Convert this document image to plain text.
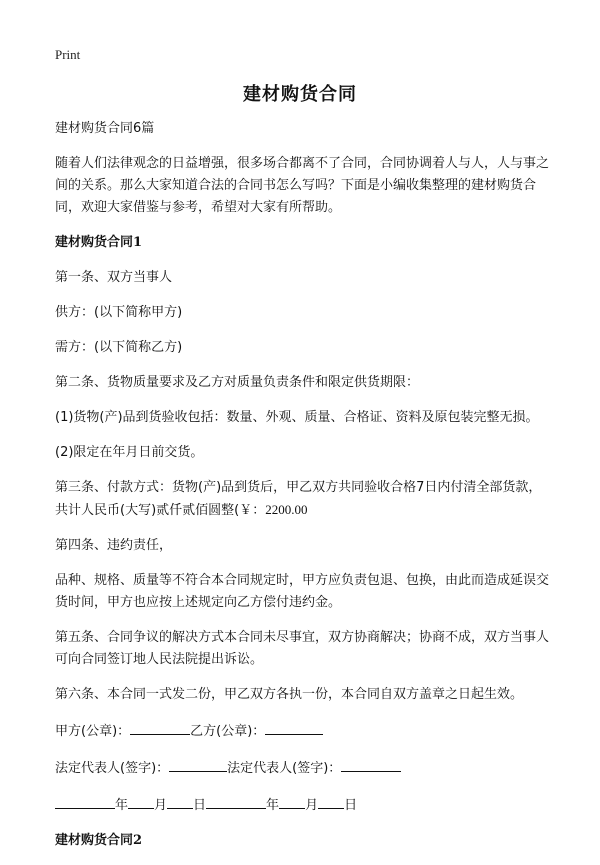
Print
建材购货合同

建材购货合同6篇

随着人们法律观念的日益增强，很多场合都离不了合同，合同协调着人与人，人与事之间的关系。那么大家知道合法的合同书怎么写吗？下面是小编收集整理的建材购货合同，欢迎大家借鉴与参考，希望对大家有所帮助。

建材购货合同1

第一条、双方当事人

供方：(以下简称甲方)

需方：(以下简称乙方)

第二条、货物质量要求及乙方对质量负责条件和限定供货期限：

(1)货物(产)品到货验收包括：数量、外观、质量、合格证、资料及原包装完整无损。

(2)限定在年月日前交货。

第三条、付款方式：货物(产)品到货后，甲乙双方共同验收合格7日内付清全部货款，共计人民币(大写)贰仟贰佰圆整(￥：2200.00

第四条、违约责任，

品种、规格、质量等不符合本合同规定时，甲方应负责包退、包换，由此而造成延误交货时间，甲方也应按上述规定向乙方偿付违约金。

第五条、合同争议的解决方式本合同未尽事宜，双方协商解决；协商不成，双方当事人可向合同签订地人民法院提出诉讼。

第六条、本合同一式发二份，甲乙双方各执一份，本合同自双方盖章之日起生效。

甲方(公章)：	乙方(公章)：

法定代表人(签字)：	法定代表人(签字)：

年 月 日	年 月 日

建材购货合同2
